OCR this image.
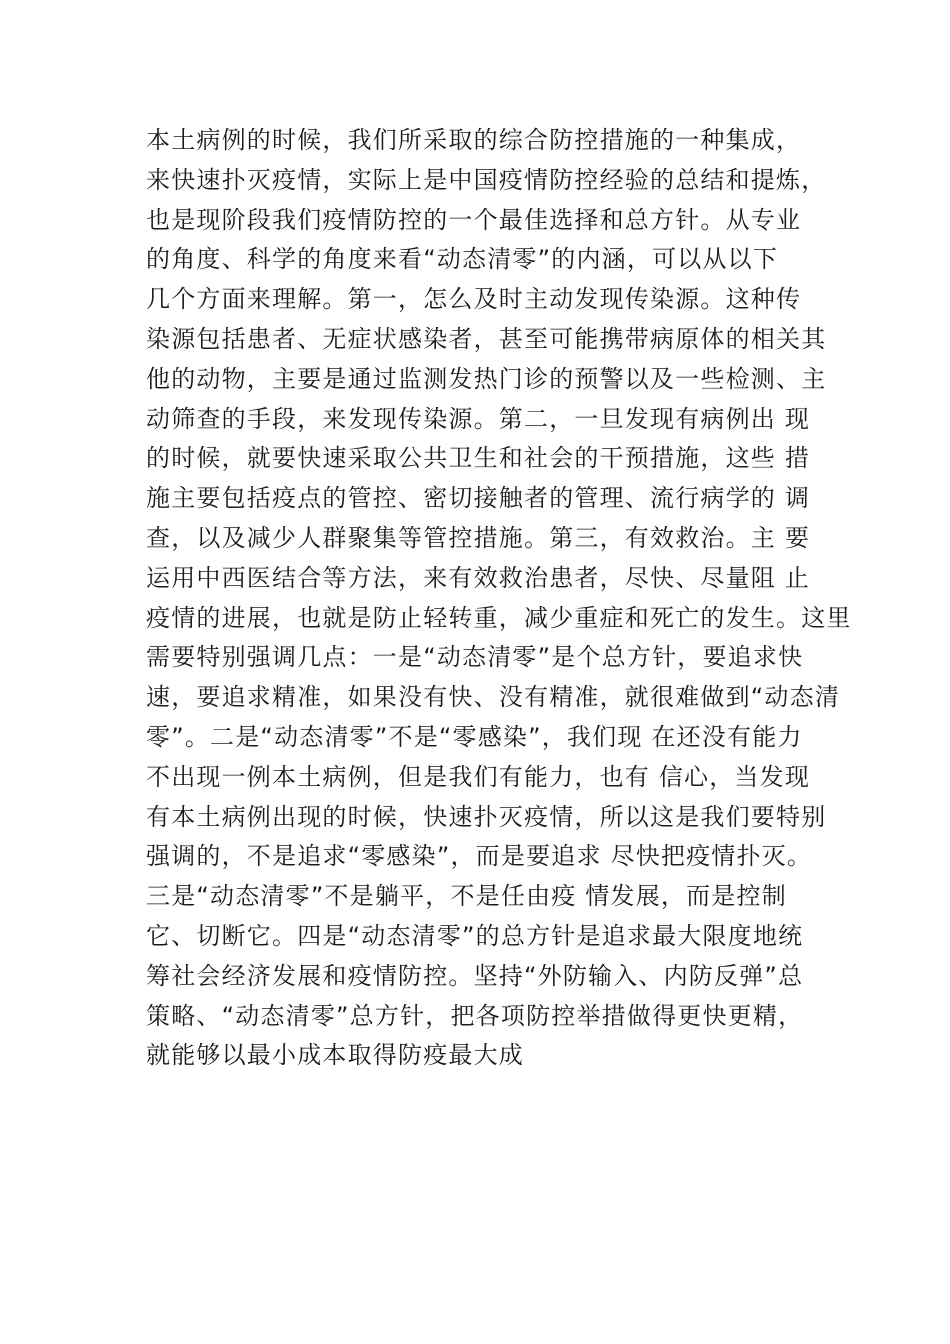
本土病例的时候，我们所采取的综合防控措施的一种集成，
来快速扑灭疫情，实际上是中国疫情防控经验的总结和提炼，
也是现阶段我们疫情防控的一个最佳选择和总方针。从专业
的角度、科学的角度来看“动态清零”的内涵，可以从以下
几个方面来理解。第一，怎么及时主动发现传染源。这种传
染源包括患者、无症状感染者，甚至可能携带病原体的相关其
他的动物，主要是通过监测发热门诊的预警以及一些检测、主
动筛查的手段，来发现传染源。第二，一旦发现有病例出 现
的时候，就要快速采取公共卫生和社会的干预措施，这些 措
施主要包括疫点的管控、密切接触者的管理、流行病学的 调
查，以及减少人群聚集等管控措施。第三，有效救治。主 要
运用中西医结合等方法，来有效救治患者，尽快、尽量阻 止
疫情的进展，也就是防止轻转重，减少重症和死亡的发生。这里
需要特别强调几点：一是“动态清零”是个总方针，要追求快
速，要追求精准，如果没有快、没有精准，就很难做到“动态清
零”。二是“动态清零”不是“零感染”，我们现 在还没有能力
不出现一例本土病例，但是我们有能力，也有 信心，当发现
有本土病例出现的时候，快速扑灭疫情，所以这是我们要特别
强调的，不是追求“零感染”，而是要追求 尽快把疫情扑灭。
三是“动态清零”不是躺平，不是任由疫 情发展，而是控制
它、切断它。四是“动态清零”的总方针是追求最大限度地统
筹社会经济发展和疫情防控。坚持“外防输入、内防反弹”总
策略、“动态清零”总方针，把各项防控举措做得更快更精，
就能够以最小成本取得防疫最大成
